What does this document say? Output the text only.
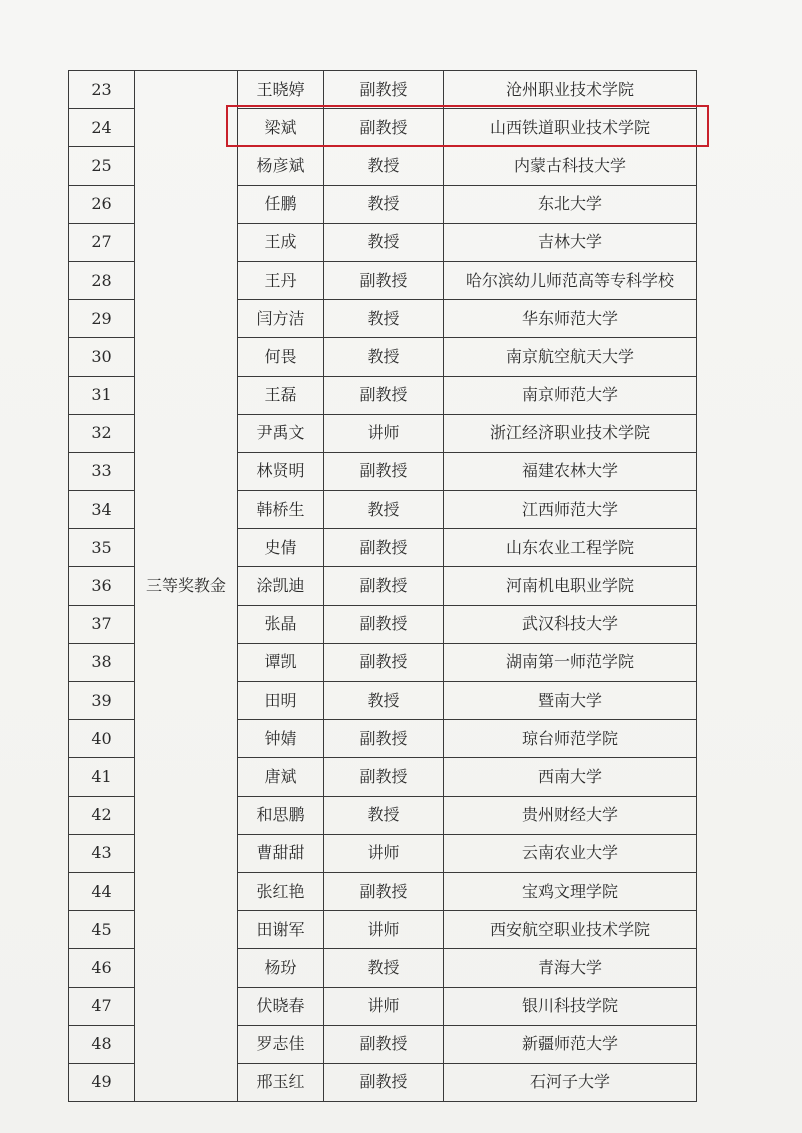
23	三等奖教金	王晓婷	副教授	沧州职业技术学院
24		梁斌	副教授	山西铁道职业技术学院
25		杨彦斌	教授	内蒙古科技大学
26		任鹏	教授	东北大学
27		王成	教授	吉林大学
28		王丹	副教授	哈尔滨幼儿师范高等专科学校
29		闫方洁	教授	华东师范大学
30		何畏	教授	南京航空航天大学
31		王磊	副教授	南京师范大学
32		尹禹文	讲师	浙江经济职业技术学院
33		林贤明	副教授	福建农林大学
34		韩桥生	教授	江西师范大学
35		史倩	副教授	山东农业工程学院
36		涂凯迪	副教授	河南机电职业学院
37		张晶	副教授	武汉科技大学
38		谭凯	副教授	湖南第一师范学院
39		田明	教授	暨南大学
40		钟婧	副教授	琼台师范学院
41		唐斌	副教授	西南大学
42		和思鹏	教授	贵州财经大学
43		曹甜甜	讲师	云南农业大学
44		张红艳	副教授	宝鸡文理学院
45		田谢军	讲师	西安航空职业技术学院
46		杨玢	教授	青海大学
47		伏晓春	讲师	银川科技学院
48		罗志佳	副教授	新疆师范大学
49		邢玉红	副教授	石河子大学
